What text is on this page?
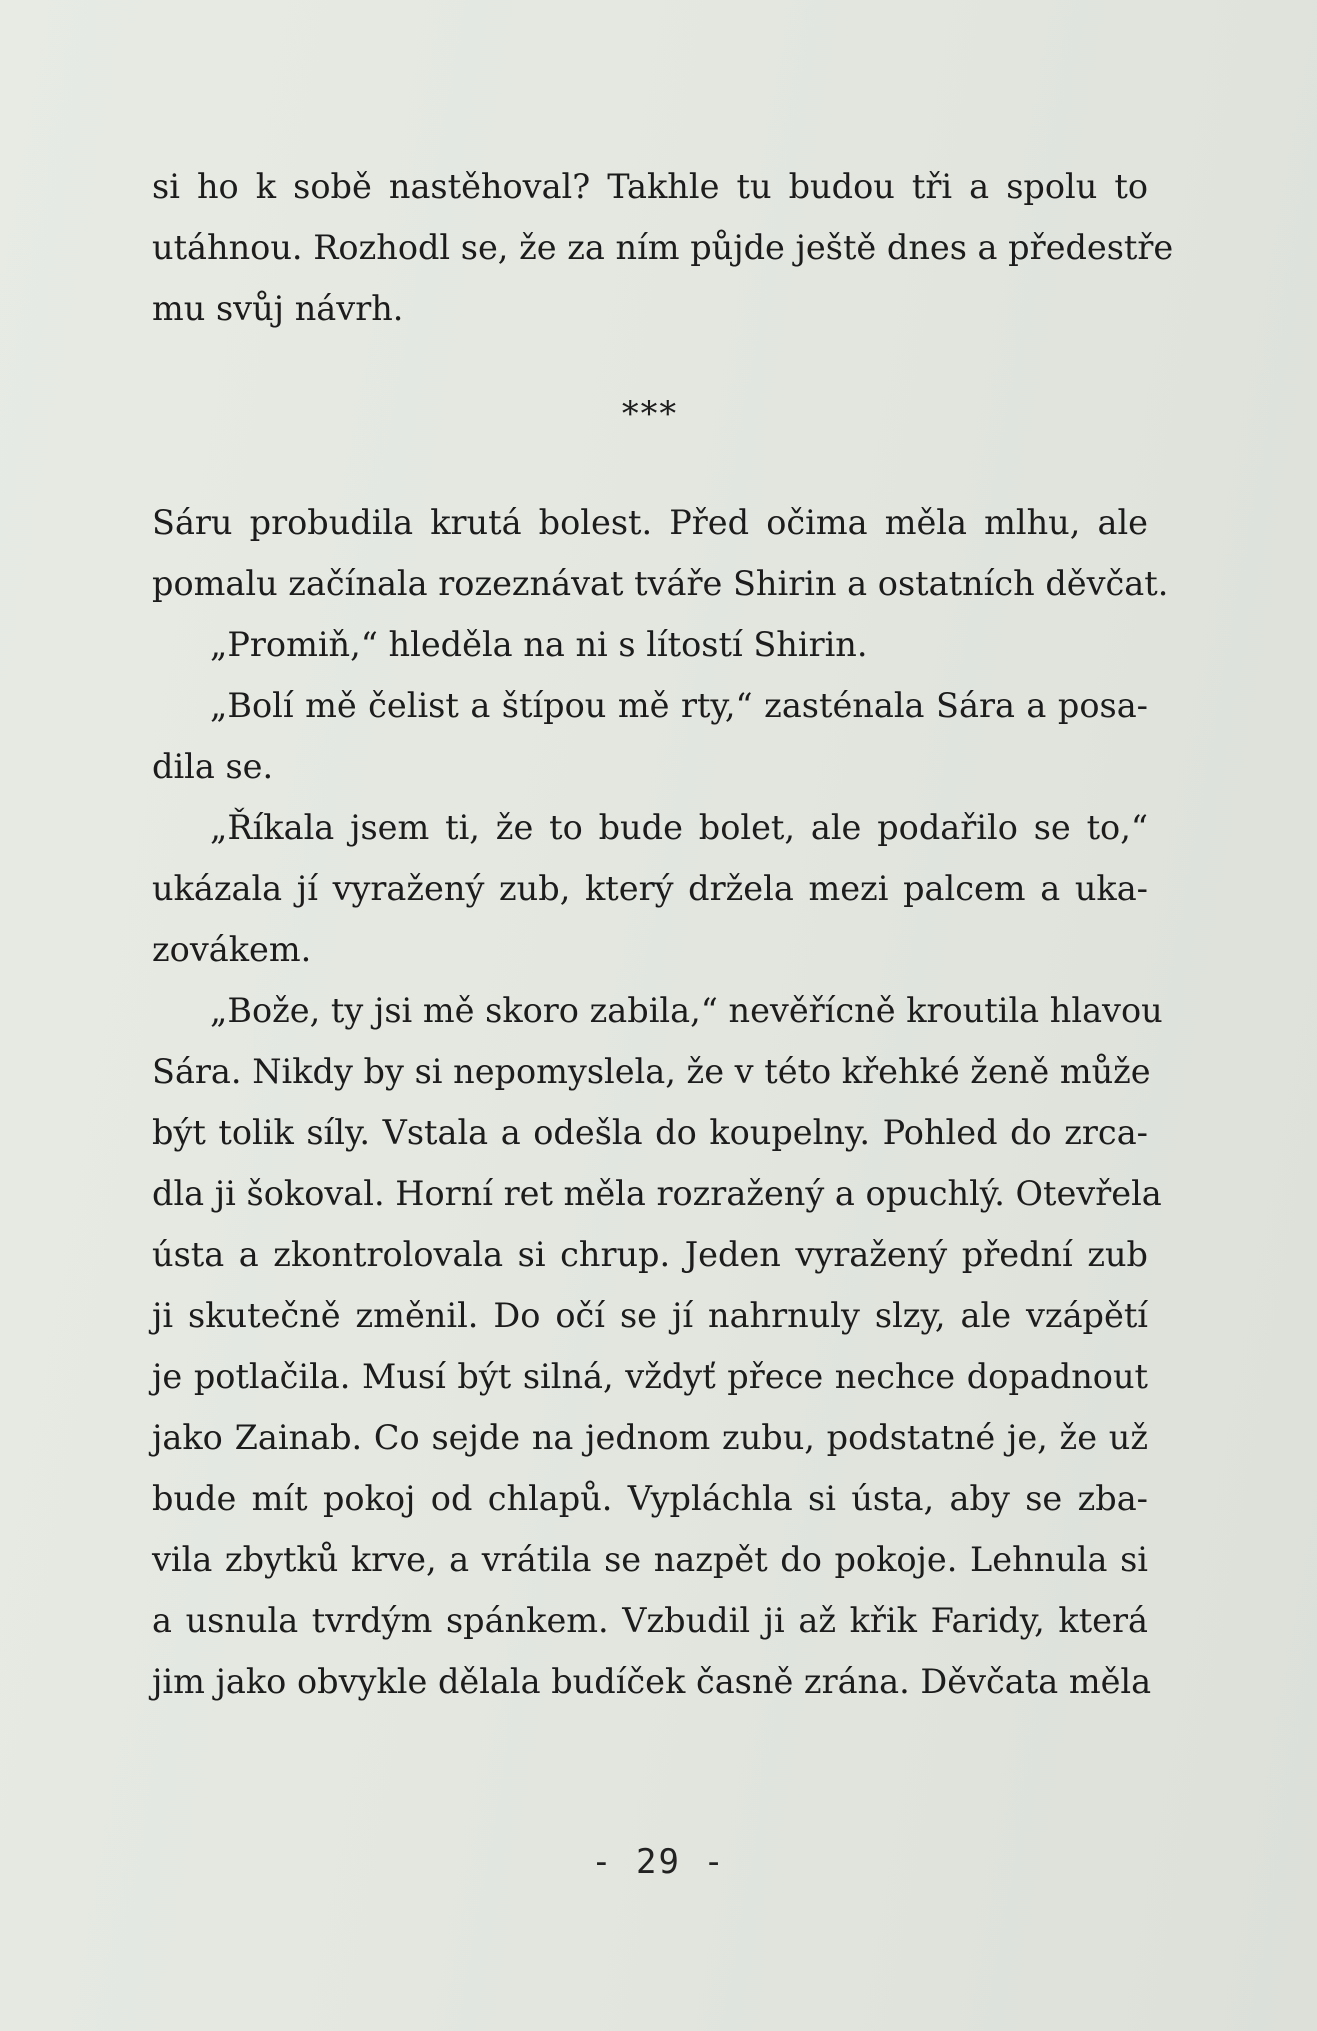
si ho k sobě nastěhoval? Takhle tu budou tři a spolu to
utáhnou. Rozhodl se, že za ním půjde ještě dnes a předestře
mu svůj návrh.
***
Sáru probudila krutá bolest. Před očima měla mlhu, ale
pomalu začínala rozeznávat tváře Shirin a ostatních děvčat.
„Promiň,“ hleděla na ni s lítostí Shirin.
„Bolí mě čelist a štípou mě rty,“ zasténala Sára a posa-
dila se.
„Říkala jsem ti, že to bude bolet, ale podařilo se to,“
ukázala jí vyražený zub, který držela mezi palcem a uka-
zovákem.
„Bože, ty jsi mě skoro zabila,“ nevěřícně kroutila hlavou
Sára. Nikdy by si nepomyslela, že v této křehké ženě může
být tolik síly. Vstala a odešla do koupelny. Pohled do zrca-
dla ji šokoval. Horní ret měla rozražený a opuchlý. Otevřela
ústa a zkontrolovala si chrup. Jeden vyražený přední zub
ji skutečně změnil. Do očí se jí nahrnuly slzy, ale vzápětí
je potlačila. Musí být silná, vždyť přece nechce dopadnout
jako Zainab. Co sejde na jednom zubu, podstatné je, že už
bude mít pokoj od chlapů. Vypláchla si ústa, aby se zba-
vila zbytků krve, a vrátila se nazpět do pokoje. Lehnula si
a usnula tvrdým spánkem. Vzbudil ji až křik Faridy, která
jim jako obvykle dělala budíček časně zrána. Děvčata měla
- 29 -
